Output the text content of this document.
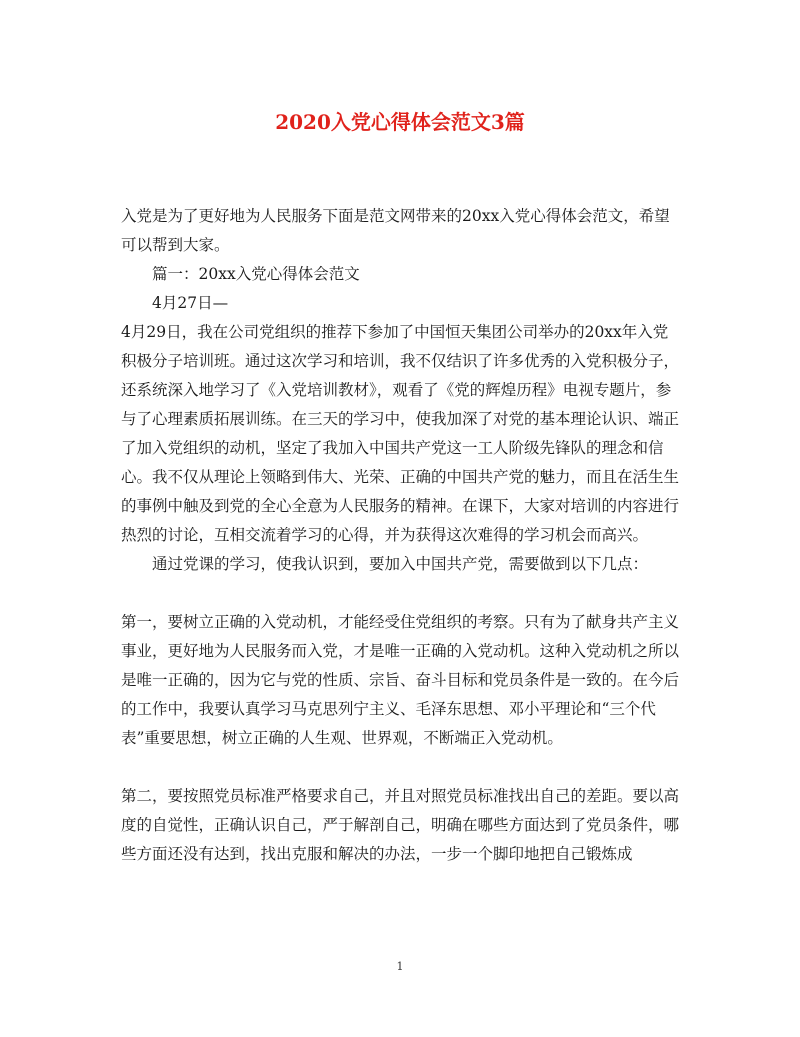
2020入党心得体会范文3篇

入党是为了更好地为人民服务下面是范文网带来的20xx入党心得体会范文，希望可以帮到大家。

篇一：20xx入党心得体会范文

4月27日—

4月29日，我在公司党组织的推荐下参加了中国恒天集团公司举办的20xx年入党积极分子培训班。通过这次学习和培训，我不仅结识了许多优秀的入党积极分子，还系统深入地学习了《入党培训教材》，观看了《党的辉煌历程》电视专题片，参与了心理素质拓展训练。在三天的学习中，使我加深了对党的基本理论认识、端正了加入党组织的动机，坚定了我加入中国共产党这一工人阶级先锋队的理念和信心。我不仅从理论上领略到伟大、光荣、正确的中国共产党的魅力，而且在活生生的事例中触及到党的全心全意为人民服务的精神。在课下，大家对培训的内容进行热烈的讨论，互相交流着学习的心得，并为获得这次难得的学习机会而高兴。

通过党课的学习，使我认识到，要加入中国共产党，需要做到以下几点：

第一，要树立正确的入党动机，才能经受住党组织的考察。只有为了献身共产主义事业，更好地为人民服务而入党，才是唯一正确的入党动机。这种入党动机之所以是唯一正确的，因为它与党的性质、宗旨、奋斗目标和党员条件是一致的。在今后的工作中，我要认真学习马克思列宁主义、毛泽东思想、邓小平理论和“三个代表”重要思想，树立正确的人生观、世界观，不断端正入党动机。

第二，要按照党员标准严格要求自己，并且对照党员标准找出自己的差距。要以高度的自觉性，正确认识自己，严于解剖自己，明确在哪些方面达到了党员条件，哪些方面还没有达到，找出克服和解决的办法，一步一个脚印地把自己锻炼成

1
